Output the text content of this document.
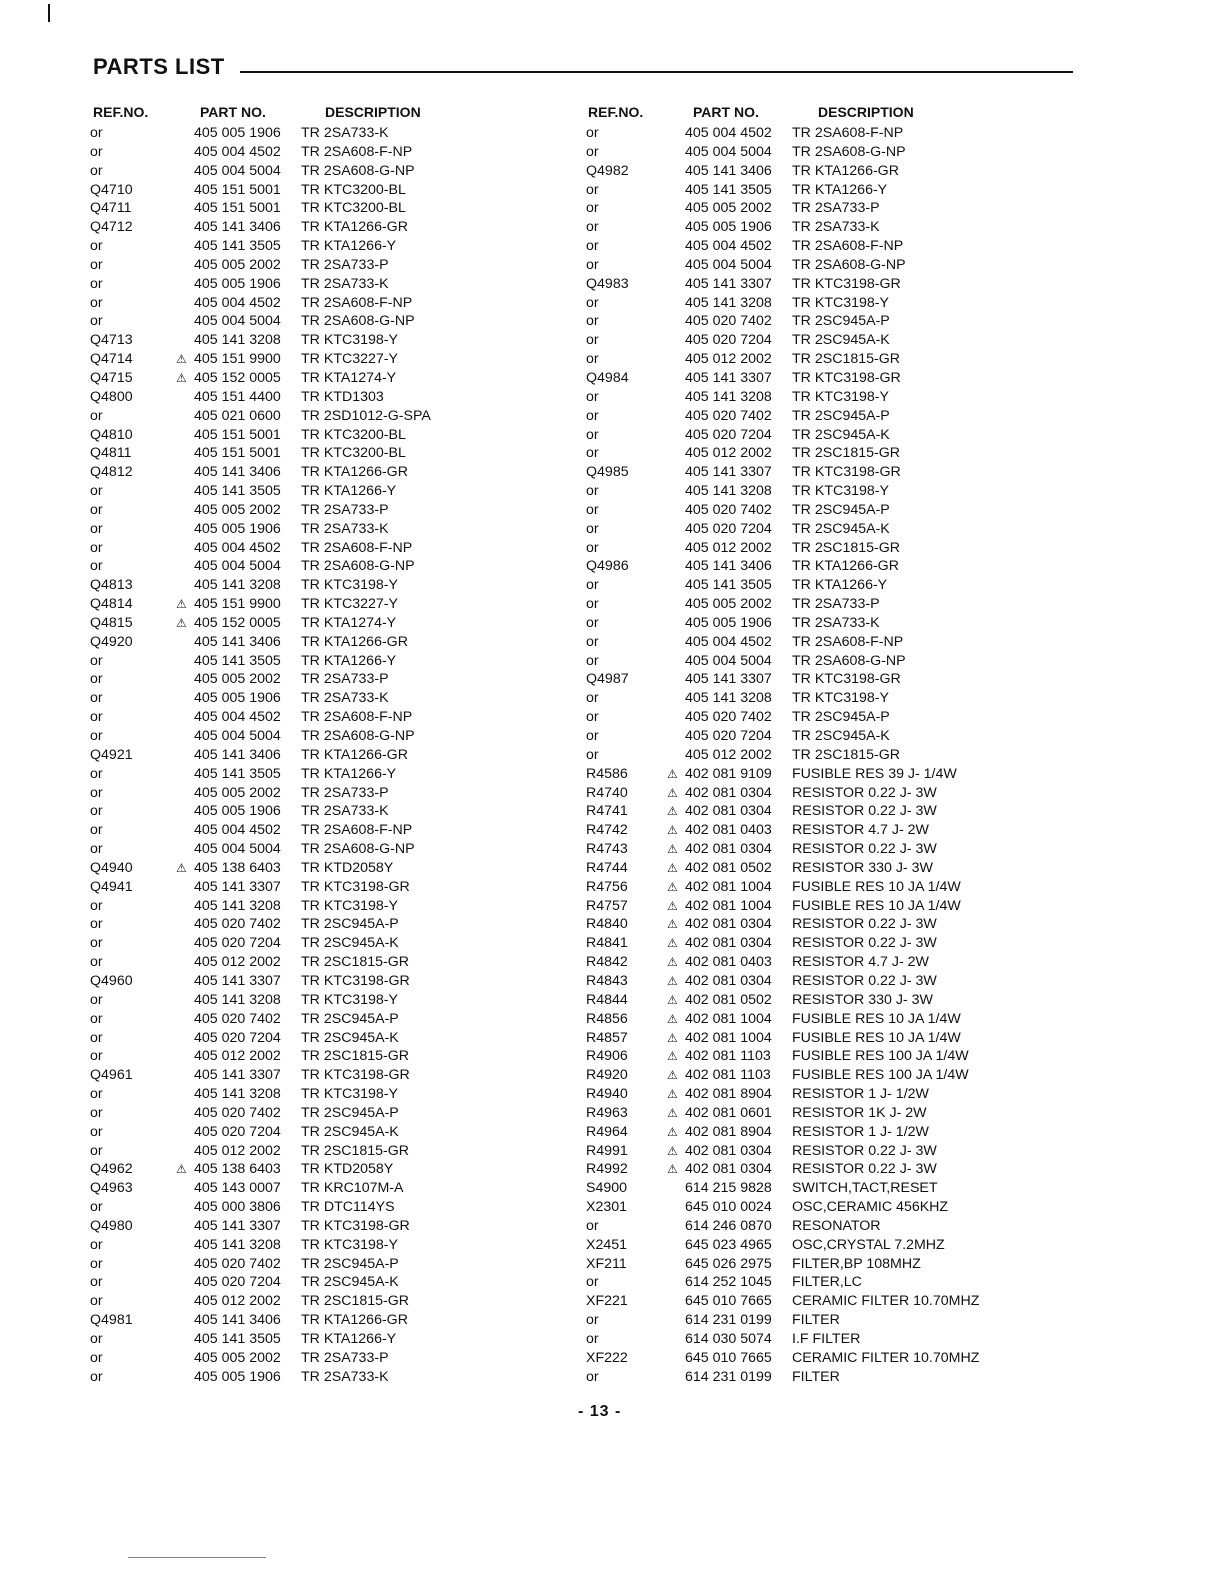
PARTS LIST
REF.NO.	PART NO.	DESCRIPTION
or	405 005 1906 TR 2SA733-K
or	405 004 4502 TR 2SA608-F-NP
or	405 004 5004 TR 2SA608-G-NP
Q4710	405 151 5001 TR KTC3200-BL
Q4711	405 151 5001 TR KTC3200-BL
Q4712	405 141 3406 TR KTA1266-GR
or	405 141 3505 TR KTA1266-Y
or	405 005 2002 TR 2SA733-P
or	405 005 1906 TR 2SA733-K
or	405 004 4502 TR 2SA608-F-NP
or	405 004 5004 TR 2SA608-G-NP
Q4713	405 141 3208 TR KTC3198-Y
Q4714	⚠ 405 151 9900 TR KTC3227-Y
Q4715	⚠ 405 152 0005 TR KTA1274-Y
Q4800	405 151 4400 TR KTD1303
or	405 021 0600 TR 2SD1012-G-SPA
Q4810	405 151 5001 TR KTC3200-BL
Q4811	405 151 5001 TR KTC3200-BL
Q4812	405 141 3406 TR KTA1266-GR
or	405 141 3505 TR KTA1266-Y
or	405 005 2002 TR 2SA733-P
or	405 005 1906 TR 2SA733-K
or	405 004 4502 TR 2SA608-F-NP
or	405 004 5004 TR 2SA608-G-NP
Q4813	405 141 3208 TR KTC3198-Y
Q4814	⚠ 405 151 9900 TR KTC3227-Y
Q4815	⚠ 405 152 0005 TR KTA1274-Y
Q4920	405 141 3406 TR KTA1266-GR
or	405 141 3505 TR KTA1266-Y
or	405 005 2002 TR 2SA733-P
or	405 005 1906 TR 2SA733-K
or	405 004 4502 TR 2SA608-F-NP
or	405 004 5004 TR 2SA608-G-NP
Q4921	405 141 3406 TR KTA1266-GR
or	405 141 3505 TR KTA1266-Y
or	405 005 2002 TR 2SA733-P
or	405 005 1906 TR 2SA733-K
or	405 004 4502 TR 2SA608-F-NP
or	405 004 5004 TR 2SA608-G-NP
Q4940	⚠ 405 138 6403 TR KTD2058Y
Q4941	405 141 3307 TR KTC3198-GR
or	405 141 3208 TR KTC3198-Y
or	405 020 7402 TR 2SC945A-P
or	405 020 7204 TR 2SC945A-K
or	405 012 2002 TR 2SC1815-GR
Q4960	405 141 3307 TR KTC3198-GR
or	405 141 3208 TR KTC3198-Y
or	405 020 7402 TR 2SC945A-P
or	405 020 7204 TR 2SC945A-K
or	405 012 2002 TR 2SC1815-GR
Q4961	405 141 3307 TR KTC3198-GR
or	405 141 3208 TR KTC3198-Y
or	405 020 7402 TR 2SC945A-P
or	405 020 7204 TR 2SC945A-K
or	405 012 2002 TR 2SC1815-GR
Q4962	⚠ 405 138 6403 TR KTD2058Y
Q4963	405 143 0007 TR KRC107M-A
or	405 000 3806 TR DTC114YS
Q4980	405 141 3307 TR KTC3198-GR
or	405 141 3208 TR KTC3198-Y
or	405 020 7402 TR 2SC945A-P
or	405 020 7204 TR 2SC945A-K
or	405 012 2002 TR 2SC1815-GR
Q4981	405 141 3406 TR KTA1266-GR
or	405 141 3505 TR KTA1266-Y
or	405 005 2002 TR 2SA733-P
or	405 005 1906 TR 2SA733-K
REF.NO.	PART NO.	DESCRIPTION
or	405 004 4502 TR 2SA608-F-NP
or	405 004 5004 TR 2SA608-G-NP
Q4982	405 141 3406 TR KTA1266-GR
or	405 141 3505 TR KTA1266-Y
or	405 005 2002 TR 2SA733-P
or	405 005 1906 TR 2SA733-K
or	405 004 4502 TR 2SA608-F-NP
or	405 004 5004 TR 2SA608-G-NP
Q4983	405 141 3307 TR KTC3198-GR
or	405 141 3208 TR KTC3198-Y
or	405 020 7402 TR 2SC945A-P
or	405 020 7204 TR 2SC945A-K
or	405 012 2002 TR 2SC1815-GR
Q4984	405 141 3307 TR KTC3198-GR
or	405 141 3208 TR KTC3198-Y
or	405 020 7402 TR 2SC945A-P
or	405 020 7204 TR 2SC945A-K
or	405 012 2002 TR 2SC1815-GR
Q4985	405 141 3307 TR KTC3198-GR
or	405 141 3208 TR KTC3198-Y
or	405 020 7402 TR 2SC945A-P
or	405 020 7204 TR 2SC945A-K
or	405 012 2002 TR 2SC1815-GR
Q4986	405 141 3406 TR KTA1266-GR
or	405 141 3505 TR KTA1266-Y
or	405 005 2002 TR 2SA733-P
or	405 005 1906 TR 2SA733-K
or	405 004 4502 TR 2SA608-F-NP
or	405 004 5004 TR 2SA608-G-NP
Q4987	405 141 3307 TR KTC3198-GR
or	405 141 3208 TR KTC3198-Y
or	405 020 7402 TR 2SC945A-P
or	405 020 7204 TR 2SC945A-K
or	405 012 2002 TR 2SC1815-GR
R4586	⚠ 402 081 9109 FUSIBLE RES 39 J- 1/4W
R4740	⚠ 402 081 0304 RESISTOR 0.22 J- 3W
R4741	⚠ 402 081 0304 RESISTOR 0.22 J- 3W
R4742	⚠ 402 081 0403 RESISTOR 4.7 J- 2W
R4743	⚠ 402 081 0304 RESISTOR 0.22 J- 3W
R4744	⚠ 402 081 0502 RESISTOR 330 J- 3W
R4756	⚠ 402 081 1004 FUSIBLE RES 10 JA 1/4W
R4757	⚠ 402 081 1004 FUSIBLE RES 10 JA 1/4W
R4840	⚠ 402 081 0304 RESISTOR 0.22 J- 3W
R4841	⚠ 402 081 0304 RESISTOR 0.22 J- 3W
R4842	⚠ 402 081 0403 RESISTOR 4.7 J- 2W
R4843	⚠ 402 081 0304 RESISTOR 0.22 J- 3W
R4844	⚠ 402 081 0502 RESISTOR 330 J- 3W
R4856	⚠ 402 081 1004 FUSIBLE RES 10 JA 1/4W
R4857	⚠ 402 081 1004 FUSIBLE RES 10 JA 1/4W
R4906	⚠ 402 081 1103 FUSIBLE RES 100 JA 1/4W
R4920	⚠ 402 081 1103 FUSIBLE RES 100 JA 1/4W
R4940	⚠ 402 081 8904 RESISTOR 1 J- 1/2W
R4963	⚠ 402 081 0601 RESISTOR 1K J- 2W
R4964	⚠ 402 081 8904 RESISTOR 1 J- 1/2W
R4991	⚠ 402 081 0304 RESISTOR 0.22 J- 3W
R4992	⚠ 402 081 0304 RESISTOR 0.22 J- 3W
S4900	614 215 9828 SWITCH,TACT,RESET
X2301	645 010 0024 OSC,CERAMIC 456KHZ
or	614 246 0870 RESONATOR
X2451	645 023 4965 OSC,CRYSTAL 7.2MHZ
XF211	645 026 2975 FILTER,BP 108MHZ
or	614 252 1045 FILTER,LC
XF221	645 010 7665 CERAMIC FILTER 10.70MHZ
or	614 231 0199 FILTER
or	614 030 5074 I.F FILTER
XF222	645 010 7665 CERAMIC FILTER 10.70MHZ
or	614 231 0199 FILTER
- 13 -
